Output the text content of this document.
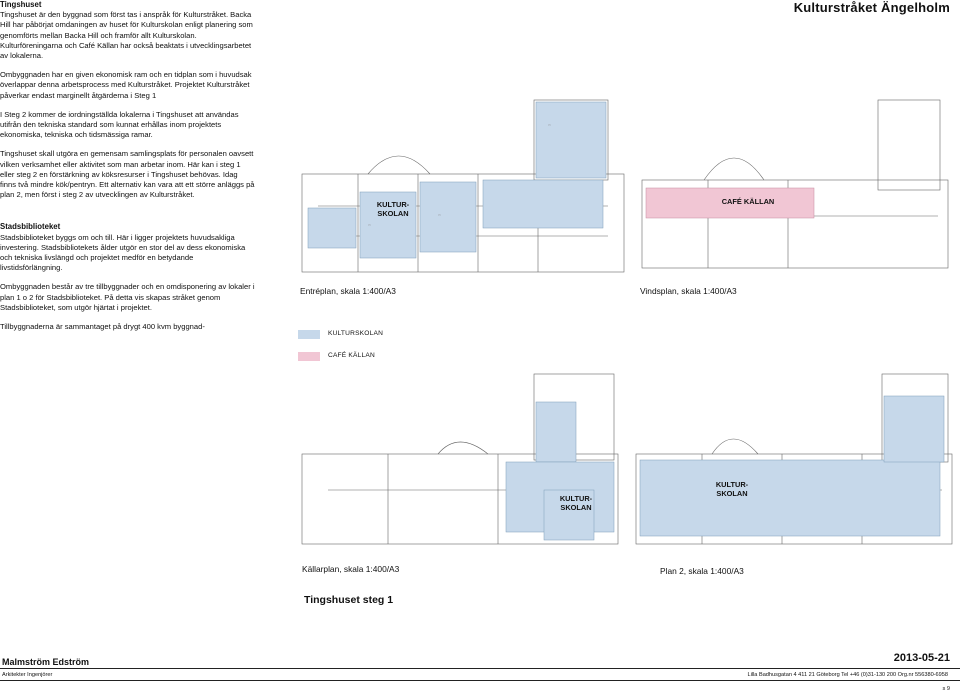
Kulturstråket Ängelholm
Tingshuset

Tingshuset är den byggnad som först tas i anspråk för Kulturstråket. Backa Hill har påbörjat omdaningen av huset för Kulturskolan enligt planering som genomförts mellan Backa Hill och framför allt Kulturskolan. Kulturföreningarna och Café Källan har också beaktats i utvecklingsarbetet av lokalerna.

Ombyggnaden har en given ekonomisk ram och en tidplan som i huvudsak överlappar denna arbetsprocess med Kulturstråket. Projektet Kulturstråket påverkar endast marginellt åtgärderna i Steg 1

I Steg 2 kommer de iordningställda lokalerna i Tingshuset att användas utifrån den tekniska standard som kunnat erhållas inom projektets ekonomiska, tekniska och tidsmässiga ramar.

Tingshuset skall utgöra en gemensam samlingsplats för personalen oavsett vilken verksamhet eller aktivitet som man arbetar inom. Här kan i steg 1 eller steg 2 en förstärkning av köksresurser i Tingshuset behövas. Idag finns två mindre kök/pentryn. Ett alternativ kan vara att ett större anläggs på plan 2, men först i steg 2 av utvecklingen av Kulturstråket.

Stadsbiblioteket

Stadsbiblioteket byggs om och till. Här i ligger projektets huvudsakliga investering. Stadsbibliotekets ålder utgör en stor del av dess ekonomiska och tekniska livslängd och projektet medför en betydande livstidsförlängning.

Ombyggnaden består av tre tillbyggnader och en omdisponering av lokaler i plan 1 o 2 för Stadsbiblioteket. På detta vis skapas stråket genom Stadsbiblioteket, som utgör hjärtat i projektet.

Tillbyggnaderna är sammantaget på drygt 400 kvm byggnad-

▭
▭
▭
KULTUR-
SKOLAN
Entréplan, skala 1:400/A3
CAFÉ KÄLLAN
Vindsplan, skala 1:400/A3
KULTURSKOLAN
CAFÉ KÄLLAN
KULTUR-
SKOLAN
Källarplan, skala 1:400/A3
KULTUR-
SKOLAN
Plan 2, skala 1:400/A3
Tingshuset steg 1
Malmström Edström
Arkitekter Ingenjörer
2013-05-21
Lilla Badhusgatan 4 411 21 Göteborg Tel +46 (0)31-130 200 Org.nr 556380-6958
s 9
